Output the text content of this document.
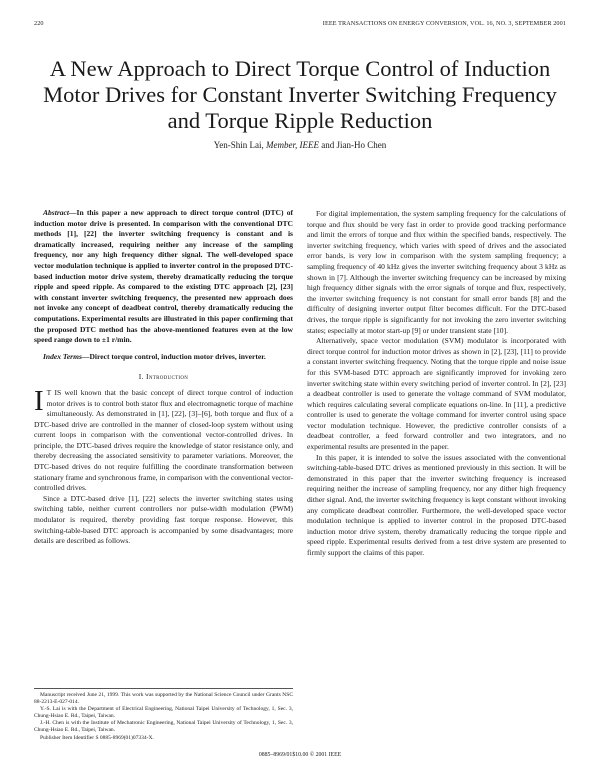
220	IEEE TRANSACTIONS ON ENERGY CONVERSION, VOL. 16, NO. 3, SEPTEMBER 2001
A New Approach to Direct Torque Control of Induction Motor Drives for Constant Inverter Switching Frequency and Torque Ripple Reduction
Yen-Shin Lai, Member, IEEE and Jian-Ho Chen

Abstract—In this paper a new approach to direct torque control (DTC) of induction motor drive is presented. In comparison with the conventional DTC methods [1], [22] the inverter switching frequency is constant and is dramatically increased, requiring neither any increase of the sampling frequency, nor any high frequency dither signal. The well-developed space vector modulation technique is applied to inverter control in the proposed DTC-based induction motor drive system, thereby dramatically reducing the torque ripple and speed ripple. As compared to the existing DTC approach [2], [23] with constant inverter switching frequency, the presented new approach does not invoke any concept of deadbeat control, thereby dramatically reducing the computations. Experimental results are illustrated in this paper confirming that the proposed DTC method has the above-mentioned features even at the low speed range down to ±1 r/min.

Index Terms—Direct torque control, induction motor drives, inverter.

I. Introduction

I T IS well known that the basic concept of direct torque control of induction motor drives is to control both stator flux and electromagnetic torque of machine simultaneously. As demonstrated in [1], [22], [3]–[6], both torque and flux of a DTC-based drive are controlled in the manner of closed-loop system without using current loops in comparison with the conventional vector-controlled drives. In principle, the DTC-based drives require the knowledge of stator resistance only, and thereby decreasing the associated sensitivity to parameter variations. Moreover, the DTC-based drives do not require fulfilling the coordinate transformation between stationary frame and synchronous frame, in comparison with the conventional vector-controlled drives.

Since a DTC-based drive [1], [22] selects the inverter switching states using switching table, neither current controllers nor pulse-width modulation (PWM) modulator is required, thereby providing fast torque response. However, this switching-table-based DTC approach is accompanied by some disadvantages; more details are described as follows.

For digital implementation, the system sampling frequency for the calculations of torque and flux should be very fast in order to provide good tracking performance and limit the errors of torque and flux within the specified bands, respectively. The inverter switching frequency, which varies with speed of drives and the associated error bands, is very low in comparison with the system sampling frequency; a sampling frequency of 40 kHz gives the inverter switching frequency about 3 kHz as shown in [7]. Although the inverter switching frequency can be increased by mixing high frequency dither signals with the error signals of torque and flux, respectively, the inverter switching frequency is not constant for small error bands [8] and the difficulty of designing inverter output filter becomes difficult. For the DTC-based drives, the torque ripple is significantly for not invoking the zero inverter switching states; especially at motor start-up [9] or under transient state [10].

Alternatively, space vector modulation (SVM) modulator is incorporated with direct torque control for induction motor drives as shown in [2], [23], [11] to provide a constant inverter switching frequency. Noting that the torque ripple and noise issue for this SVM-based DTC approach are significantly improved for invoking zero inverter switching state within every switching period of inverter control. In [2], [23] a deadbeat controller is used to generate the voltage command of SVM modulator, which requires calculating several complicate equations on-line. In [11], a predictive controller is used to generate the voltage command for inverter control using space vector modulation technique. However, the predictive controller consists of a deadbeat controller, a feed forward controller and two integrators, and no experimental results are presented in the paper.

In this paper, it is intended to solve the issues associated with the conventional switching-table-based DTC drives as mentioned previously in this section. It will be demonstrated in this paper that the inverter switching frequency is increased requiring neither the increase of sampling frequency, nor any dither high frequency dither signal. And, the inverter switching frequency is kept constant without invoking any complicate deadbeat controller. Furthermore, the well-developed space vector modulation technique is applied to inverter control in the proposed DTC-based induction motor drive system, thereby dramatically reducing the torque ripple and speed ripple. Experimental results derived from a test drive system are presented to firmly support the claims of this paper.

Manuscript received June 21, 1999. This work was supported by the National Science Council under Grants NSC 88-2213-E-027-014.

Y.-S. Lai is with the Department of Electrical Engineering, National Taipei University of Technology, 1, Sec. 3, Chung-Hsiao E. Rd., Taipei, Taiwan.

J.-H. Chen is with the Institute of Mechatronic Engineering, National Taipei University of Technology, 1, Sec. 3, Chung-Hsiao E. Rd., Taipei, Taiwan.

Publisher Item Identifier S 0885-8969(01)07334-X.

0885–8969/01$10.00 © 2001 IEEE
